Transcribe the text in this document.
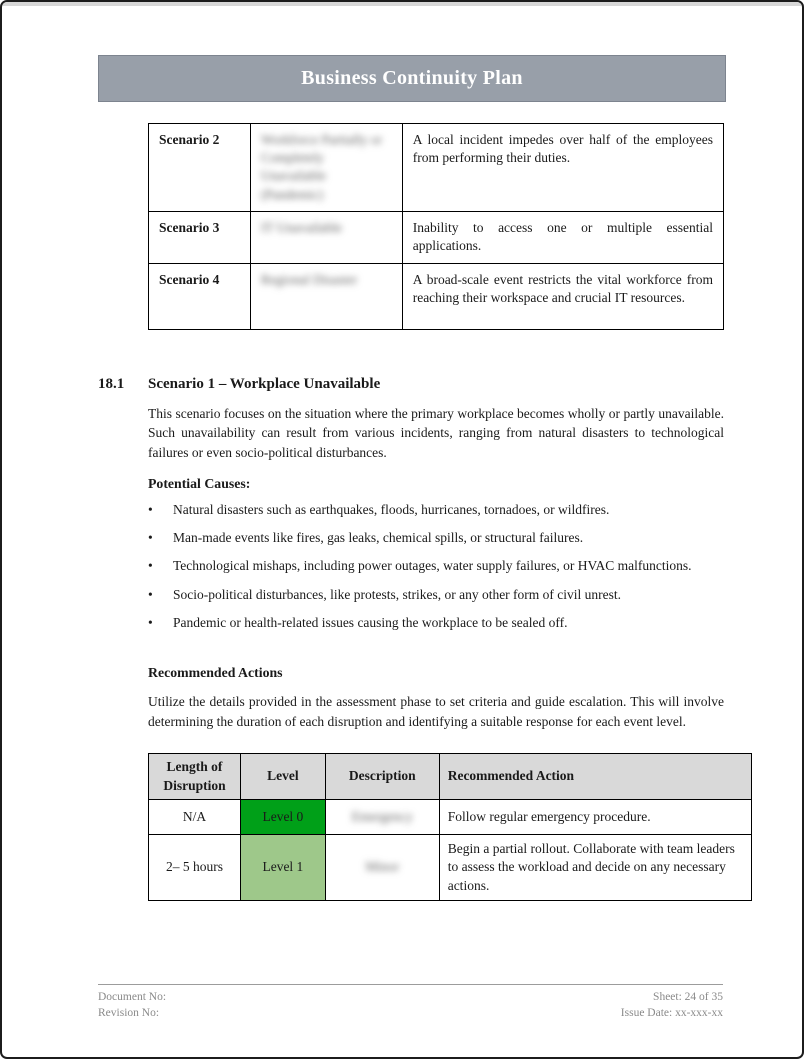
Business Continuity Plan
Scenario 2	Workforce Partially or Completely Unavailable (Pandemic)	A local incident impedes over half of the employees from performing their duties.
Scenario 3	IT Unavailable	Inability to access one or multiple essential applications.
Scenario 4	Regional Disaster	A broad-scale event restricts the vital workforce from reaching their workspace and crucial IT resources.
18.1	Scenario 1 – Workplace Unavailable

This scenario focuses on the situation where the primary workplace becomes wholly or partly unavailable. Such unavailability can result from various incidents, ranging from natural disasters to technological failures or even socio-political disturbances.

Potential Causes:
•	Natural disasters such as earthquakes, floods, hurricanes, tornadoes, or wildfires.
•	Man-made events like fires, gas leaks, chemical spills, or structural failures.
•	Technological mishaps, including power outages, water supply failures, or HVAC malfunctions.
•	Socio-political disturbances, like protests, strikes, or any other form of civil unrest.
•	Pandemic or health-related issues causing the workplace to be sealed off.
Recommended Actions

Utilize the details provided in the assessment phase to set criteria and guide escalation. This will involve determining the duration of each disruption and identifying a suitable response for each event level.

Length of Disruption	Level	Description	Recommended Action
N/A	Level 0	Emergency	Follow regular emergency procedure.
2– 5 hours	Level 1	Minor	Begin a partial rollout. Collaborate with team leaders to assess the workload and decide on any necessary actions.
Document No:
Revision No:
Sheet: 24 of 35
Issue Date: xx-xxx-xx
